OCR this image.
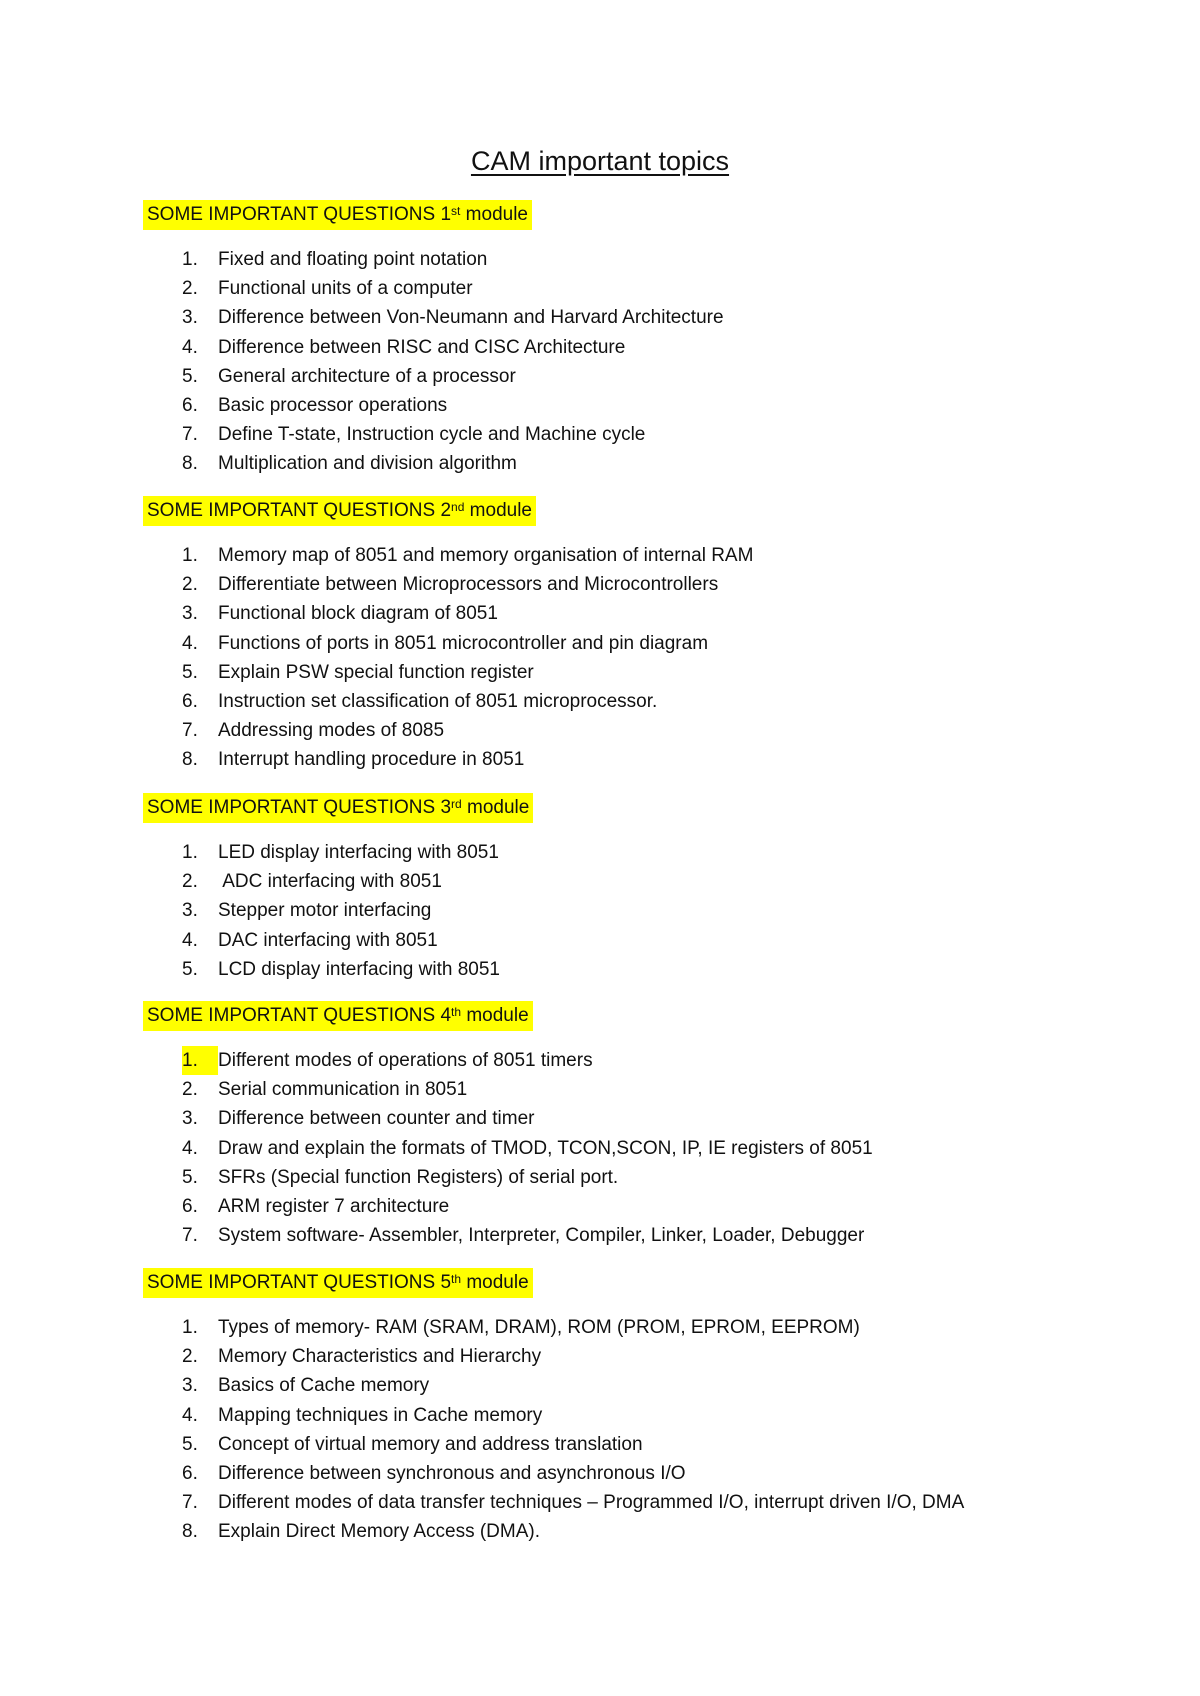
CAM important topics
SOME IMPORTANT QUESTIONS 1st module
1.	Fixed and floating point notation
2.	Functional units of a computer
3.	Difference between Von-Neumann and Harvard Architecture
4.	Difference between RISC and CISC Architecture
5.	General architecture of a processor
6.	Basic processor operations
7.	Define T-state, Instruction cycle and Machine cycle
8.	Multiplication and division algorithm
SOME IMPORTANT QUESTIONS 2nd module
1.	Memory map of 8051 and memory organisation of internal RAM
2.	Differentiate between Microprocessors and Microcontrollers
3.	Functional block diagram of 8051
4.	Functions of ports in 8051 microcontroller and pin diagram
5.	Explain PSW special function register
6.	Instruction set classification of 8051 microprocessor.
7.	Addressing modes of 8085
8.	Interrupt handling procedure in 8051
SOME IMPORTANT QUESTIONS 3rd module
1.	LED display interfacing with 8051
2.	ADC interfacing with 8051
3.	Stepper motor interfacing
4.	DAC interfacing with 8051
5.	LCD display interfacing with 8051
SOME IMPORTANT QUESTIONS 4th module
1.	Different modes of operations of 8051 timers
2.	Serial communication in 8051
3.	Difference between counter and timer
4.	Draw and explain the formats of TMOD, TCON,SCON, IP, IE registers of 8051
5.	SFRs (Special function Registers) of serial port.
6.	ARM register 7 architecture
7.	System software- Assembler, Interpreter, Compiler, Linker, Loader, Debugger
SOME IMPORTANT QUESTIONS 5th module
1.	Types of memory- RAM (SRAM, DRAM), ROM (PROM, EPROM, EEPROM)
2.	Memory Characteristics and Hierarchy
3.	Basics of Cache memory
4.	Mapping techniques in Cache memory
5.	Concept of virtual memory and address translation
6.	Difference between synchronous and asynchronous I/O
7.	Different modes of data transfer techniques – Programmed I/O, interrupt driven I/O, DMA
8.	Explain Direct Memory Access (DMA).
